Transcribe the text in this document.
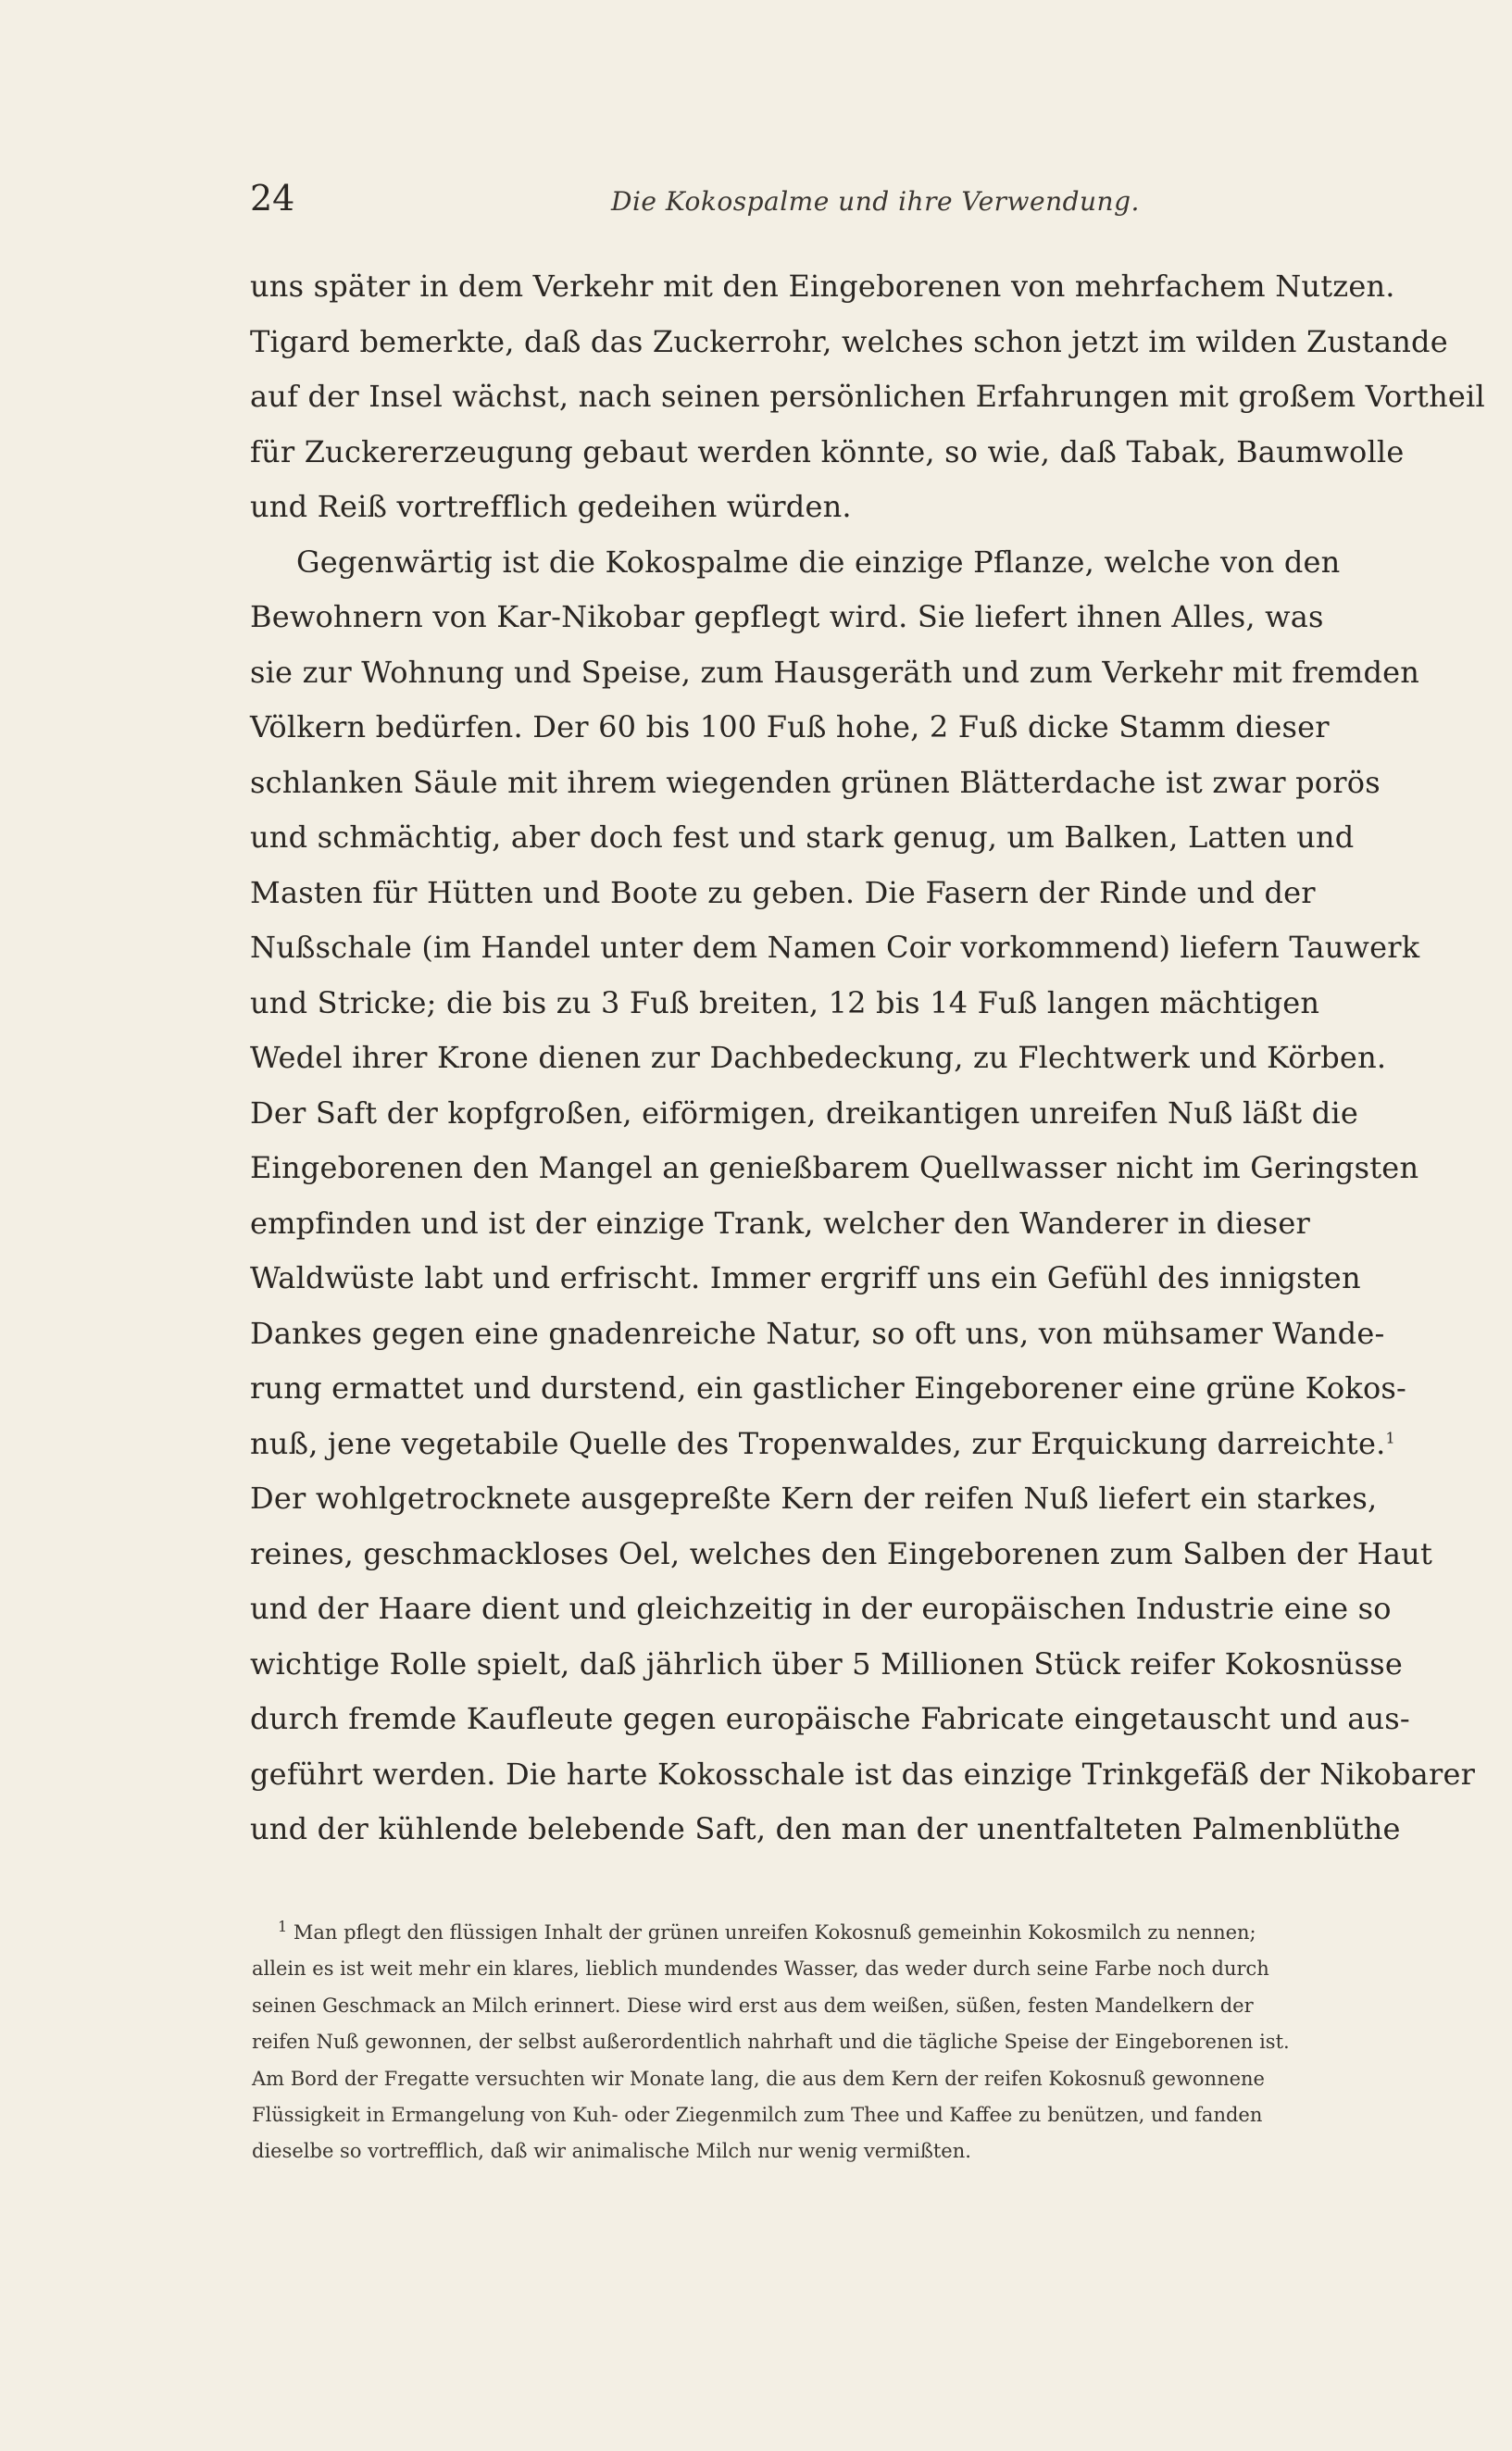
24	Die Kokospalme und ihre Verwendung.
uns später in dem Verkehr mit den Eingeborenen von mehrfachem Nutzen.
Tigard bemerkte, daß das Zuckerrohr, welches schon jetzt im wilden Zustande
auf der Insel wächst, nach seinen persönlichen Erfahrungen mit großem Vortheil
für Zuckererzeugung gebaut werden könnte, so wie, daß Tabak, Baumwolle
und Reiß vortrefflich gedeihen würden.
Gegenwärtig ist die Kokospalme die einzige Pflanze, welche von den
Bewohnern von Kar-Nikobar gepflegt wird. Sie liefert ihnen Alles, was
sie zur Wohnung und Speise, zum Hausgeräth und zum Verkehr mit fremden
Völkern bedürfen. Der 60 bis 100 Fuß hohe, 2 Fuß dicke Stamm dieser
schlanken Säule mit ihrem wiegenden grünen Blätterdache ist zwar porös
und schmächtig, aber doch fest und stark genug, um Balken, Latten und
Masten für Hütten und Boote zu geben. Die Fasern der Rinde und der
Nußschale (im Handel unter dem Namen Coir vorkommend) liefern Tauwerk
und Stricke; die bis zu 3 Fuß breiten, 12 bis 14 Fuß langen mächtigen
Wedel ihrer Krone dienen zur Dachbedeckung, zu Flechtwerk und Körben.
Der Saft der kopfgroßen, eiförmigen, dreikantigen unreifen Nuß läßt die
Eingeborenen den Mangel an genießbarem Quellwasser nicht im Geringsten
empfinden und ist der einzige Trank, welcher den Wanderer in dieser
Waldwüste labt und erfrischt. Immer ergriff uns ein Gefühl des innigsten
Dankes gegen eine gnadenreiche Natur, so oft uns, von mühsamer Wande-
rung ermattet und durstend, ein gastlicher Eingeborener eine grüne Kokos-
nuß, jene vegetabile Quelle des Tropenwaldes, zur Erquickung darreichte.$^1$
Der wohlgetrocknete ausgepreßte Kern der reifen Nuß liefert ein starkes,
reines, geschmackloses Oel, welches den Eingeborenen zum Salben der Haut
und der Haare dient und gleichzeitig in der europäischen Industrie eine so
wichtige Rolle spielt, daß jährlich über 5 Millionen Stück reifer Kokosnüsse
durch fremde Kaufleute gegen europäische Fabricate eingetauscht und aus-
geführt werden. Die harte Kokosschale ist das einzige Trinkgefäß der Nikobarer
und der kühlende belebende Saft, den man der unentfalteten Palmenblüthe
$^1$ Man pflegt den flüssigen Inhalt der grünen unreifen Kokosnuß gemeinhin Kokosmilch zu nennen;
allein es ist weit mehr ein klares, lieblich mundendes Wasser, das weder durch seine Farbe noch durch
seinen Geschmack an Milch erinnert. Diese wird erst aus dem weißen, süßen, festen Mandelkern der
reifen Nuß gewonnen, der selbst außerordentlich nahrhaft und die tägliche Speise der Eingeborenen ist.
Am Bord der Fregatte versuchten wir Monate lang, die aus dem Kern der reifen Kokosnuß gewonnene
Flüssigkeit in Ermangelung von Kuh- oder Ziegenmilch zum Thee und Kaffee zu benützen, und fanden
dieselbe so vortrefflich, daß wir animalische Milch nur wenig vermißten.
